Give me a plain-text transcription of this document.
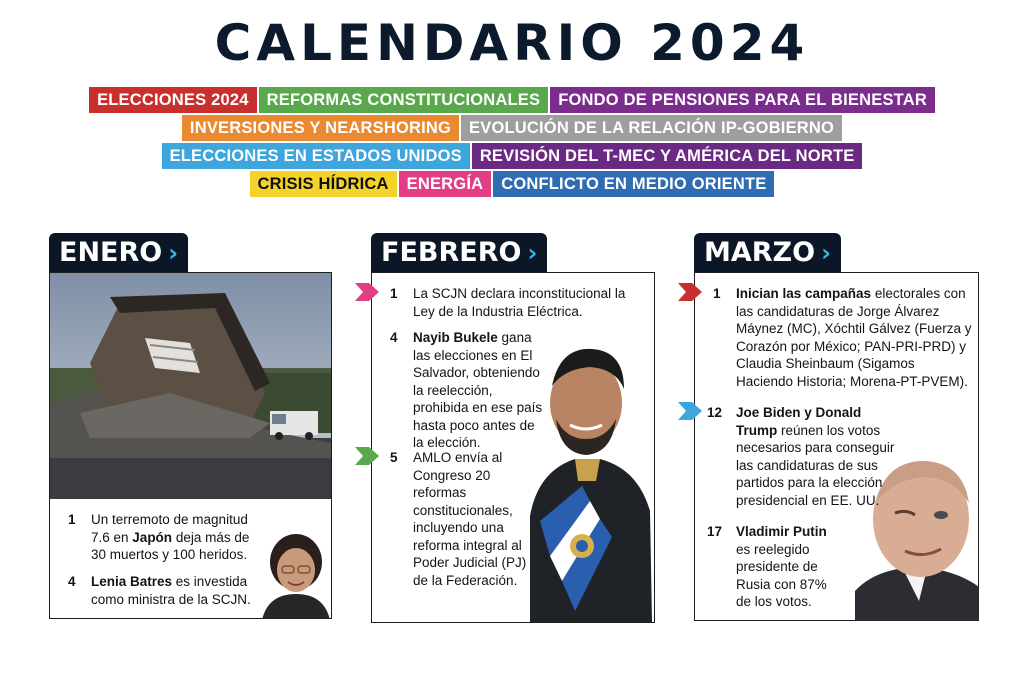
CALENDARIO 2024
ELECCIONES 2024	REFORMAS CONSTITUCIONALES	FONDO DE PENSIONES PARA EL BIENESTAR
INVERSIONES Y NEARSHORING	EVOLUCIÓN DE LA RELACIÓN IP-GOBIERNO
ELECCIONES EN ESTADOS UNIDOS	REVISIÓN DEL T-MEC Y AMÉRICA DEL NORTE
CRISIS HÍDRICA	ENERGÍA	CONFLICTO EN MEDIO ORIENTE
ENERO ›
1 Un terremoto de magnitud 7.6 en Japón deja más de 30 muertos y 100 heridos.
4 Lenia Batres es investida como ministra de la SCJN.
FEBRERO ›
1 La SCJN declara inconstitucional la Ley de la Industria Eléctrica.
4 Nayib Bukele gana las elecciones en El Salvador, obteniendo la reelección, prohibida en ese país hasta poco antes de la elección.
5 AMLO envía al Congreso 20 reformas constitucionales, incluyendo una reforma integral al Poder Judicial (PJ) de la Federación.
MARZO ›
1 Inician las campañas electorales con las candidaturas de Jorge Álvarez Máynez (MC), Xóchtil Gálvez (Fuerza y Corazón por México; PAN-PRI-PRD) y Claudia Sheinbaum (Sigamos Haciendo Historia; Morena-PT-PVEM).
12 Joe Biden y Donald Trump reúnen los votos necesarios para conseguir las candidaturas de sus partidos para la elección presidencial en EE. UU.
17 Vladimir Putin es reelegido presidente de Rusia con 87% de los votos.
